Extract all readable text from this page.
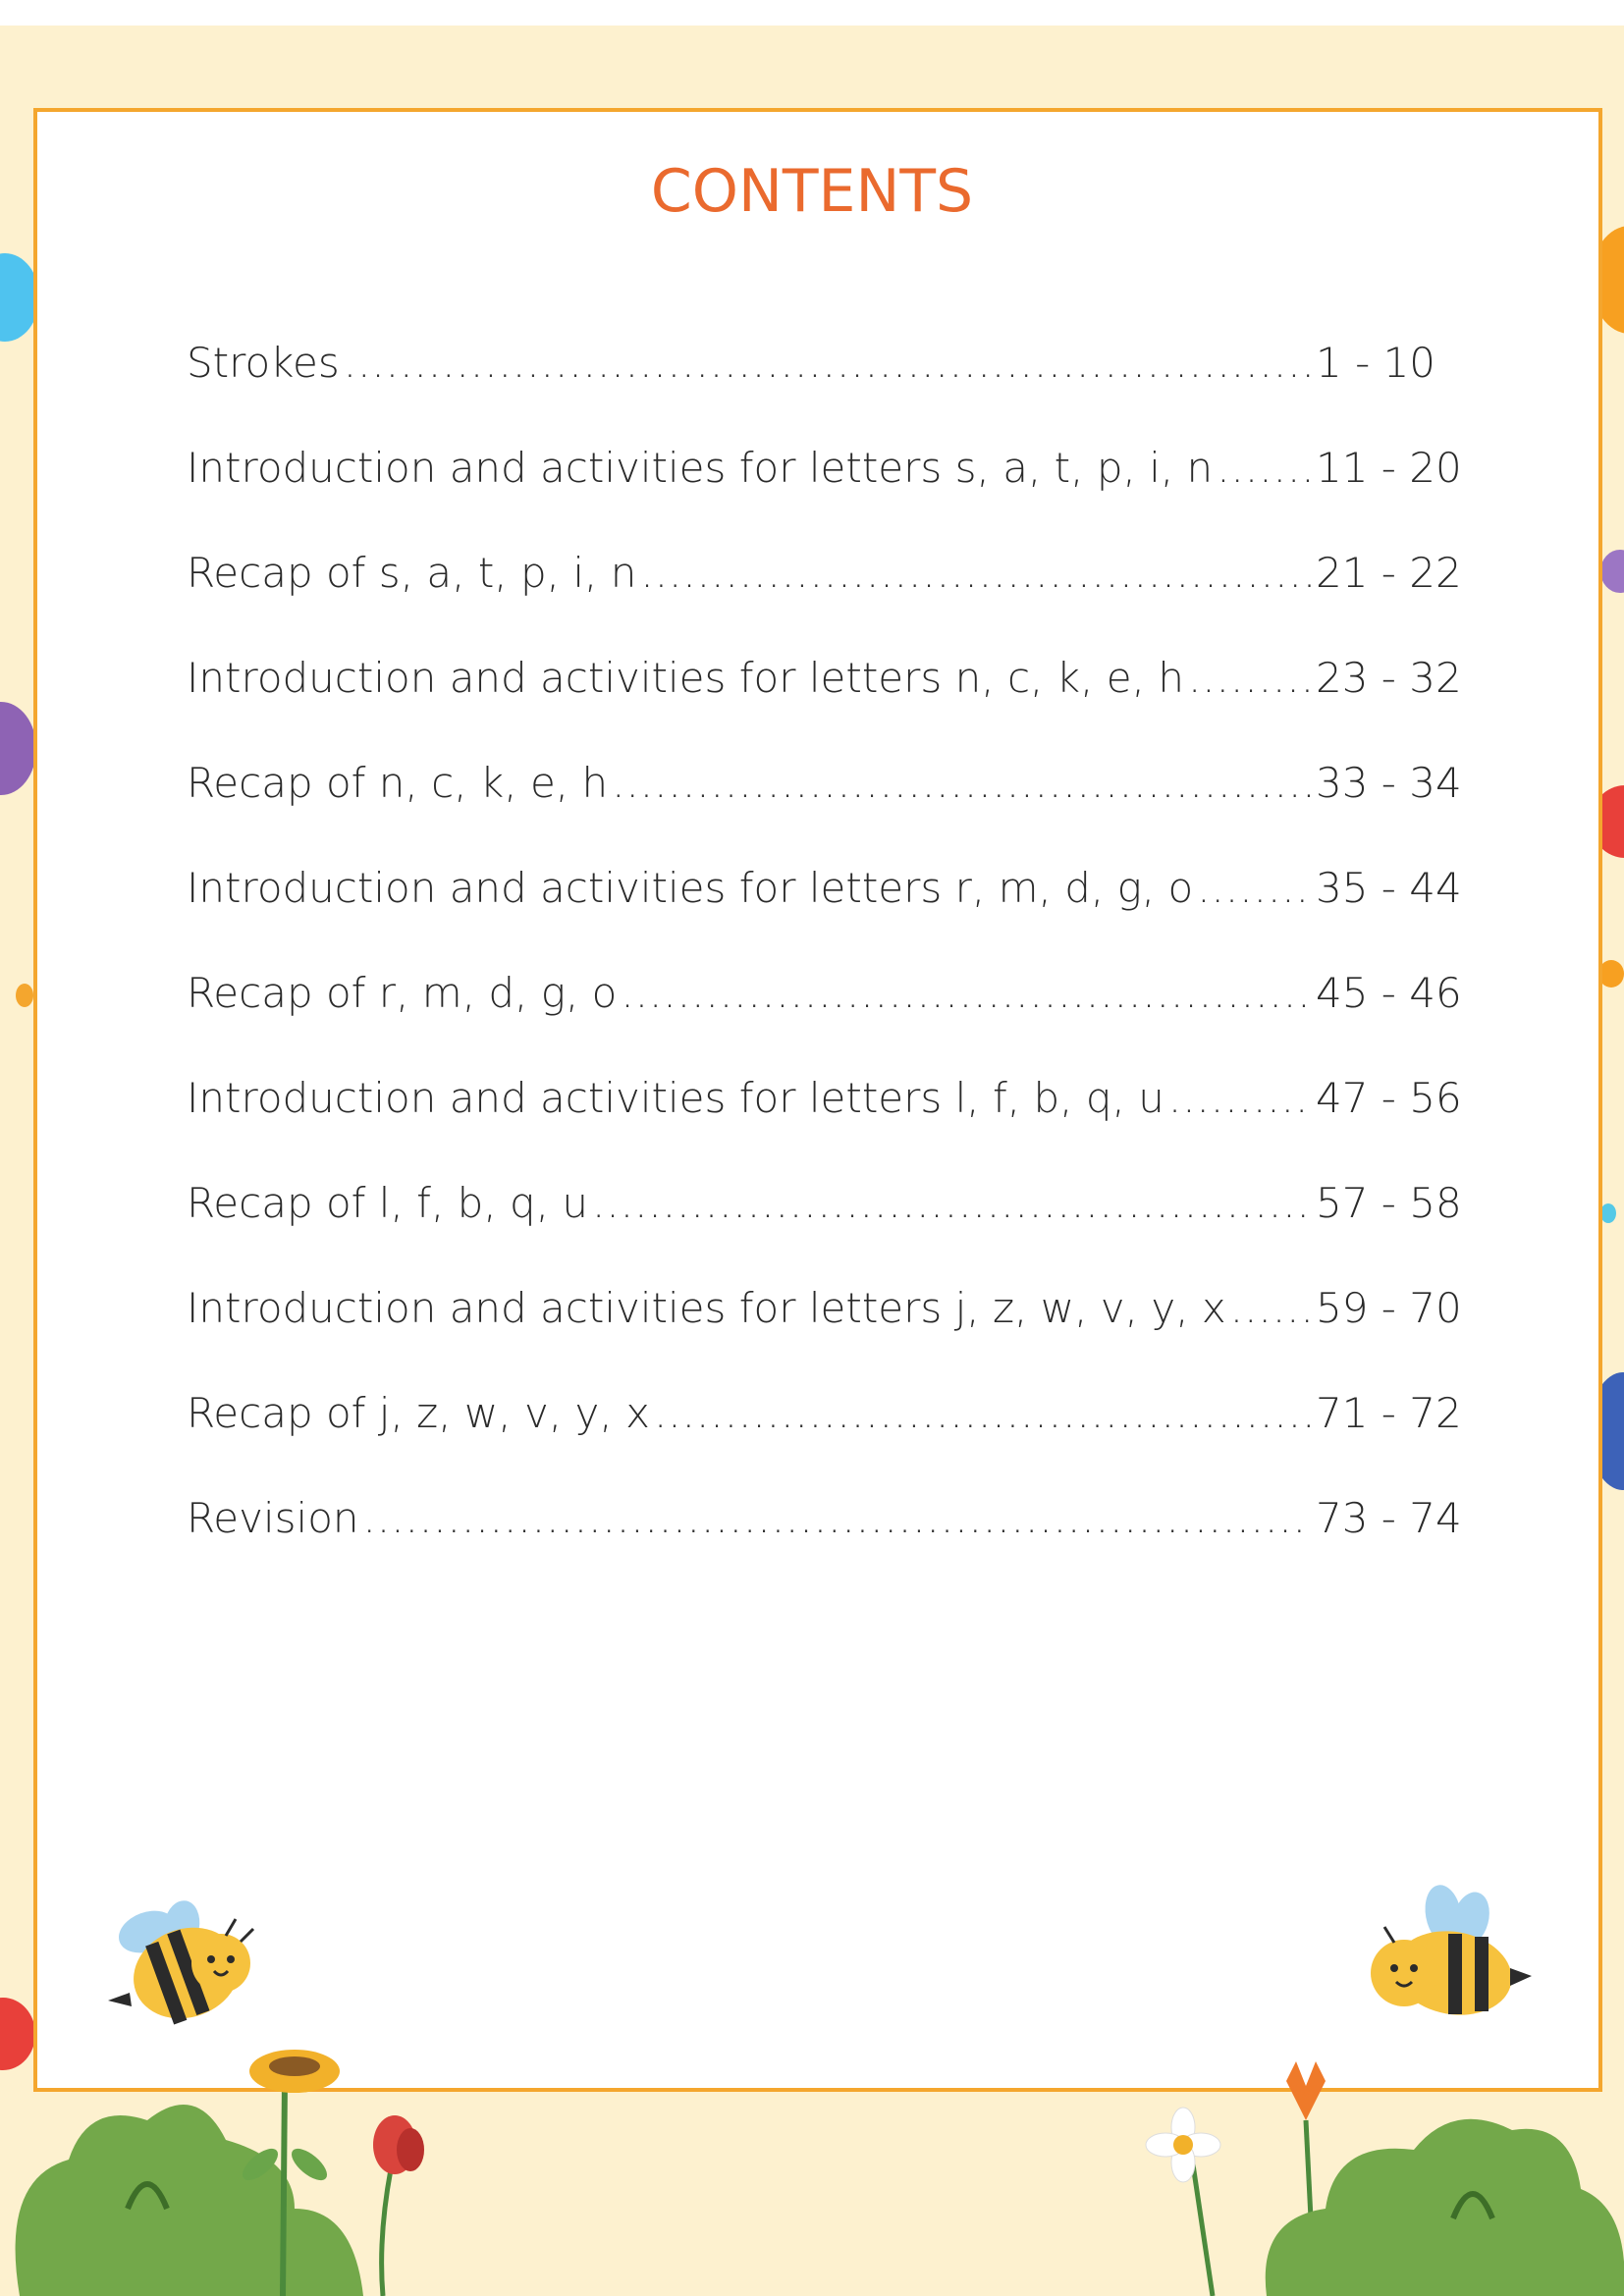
CONTENTS
Strokes .....	1 - 10
Introduction and activities for letters s, a, t, p, i, n ..... 11 - 20
Recap of s, a, t, p, i, n .....	21 - 22
Introduction and activities for letters n, c, k, e, h .....	23 - 32
Recap of n, c, k, e, h .....	33 - 34
Introduction and activities for letters r, m, d, g, o .....	35 - 44
Recap of r, m, d, g, o .....	45 - 46
Introduction and activities for letters l, f, b, q, u .....	47 - 56
Recap of l, f, b, q, u .....	57 - 58
Introduction and activities for letters j, z, w, v, y, x ..... 59 - 70
Recap of j, z, w, v, y, x .....	71 - 72
Revision .....	73 - 74
